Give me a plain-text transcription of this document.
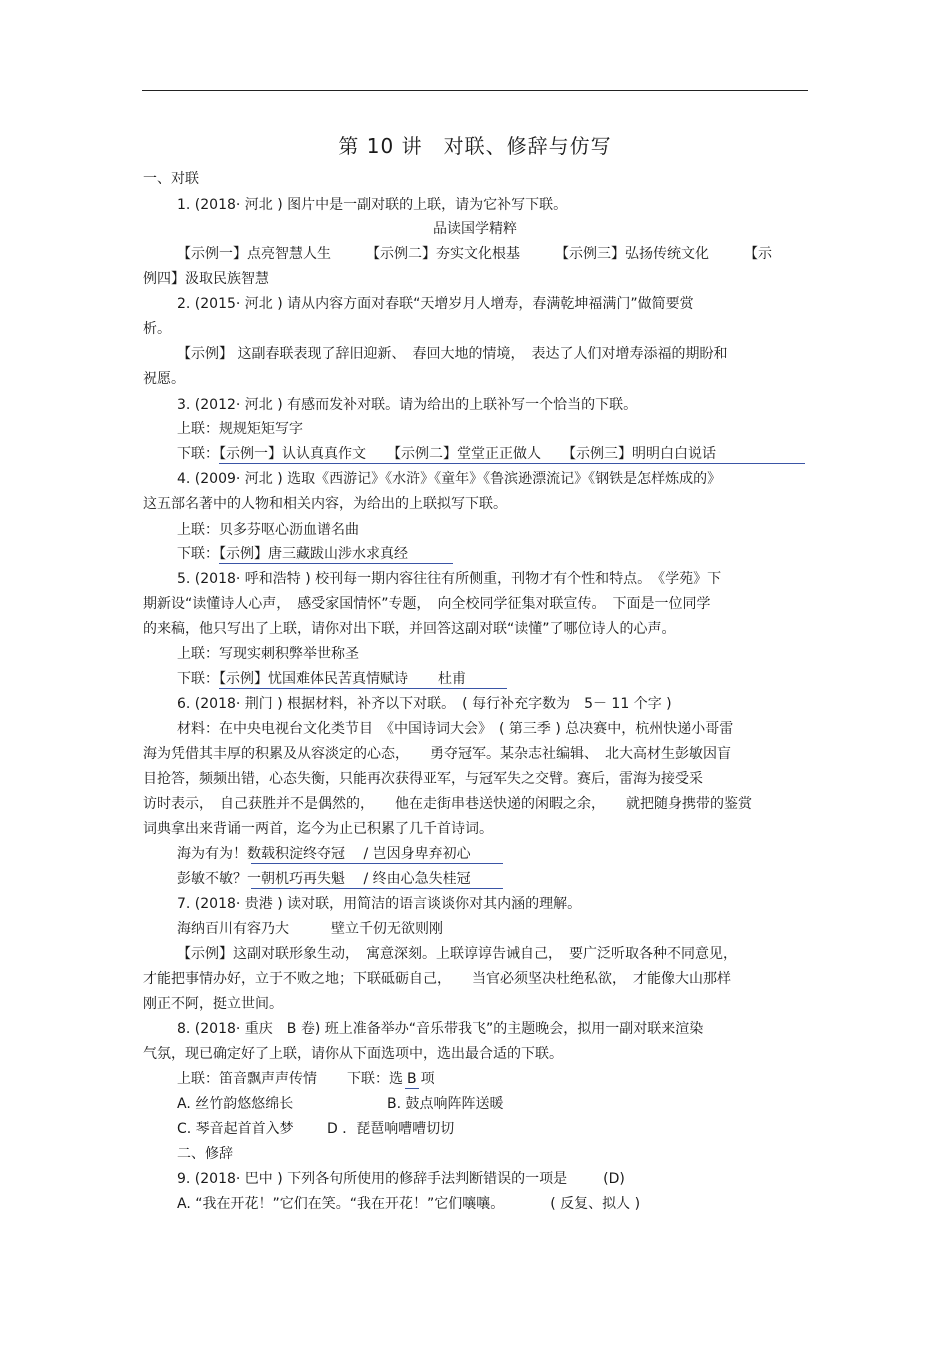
第 10 讲　对联、修辞与仿写
一、对联
1. (2018· 河北 ) 图片中是一副对联的上联，请为它补写下联。
品读国学精粹
【示例一】点亮智慧人生　　　【示例二】夯实文化根基　　　【示例三】弘扬传统文化　　　【示
例四】汲取民族智慧
2. (2015· 河北 ) 请从内容方面对春联“天增岁月人增寿，春满乾坤福满门”做简要赏
析。
【示例】 这副春联表现了辞旧迎新、　春回大地的情境，　表达了人们对增寿添福的期盼和
祝愿。
3. (2012· 河北 ) 有感而发补对联。请为给出的上联补写一个恰当的下联。
上联：规规矩矩写字
下联：【示例一】认认真真作文　　【示例二】堂堂正正做人　　【示例三】明明白白说话
4. (2009· 河北 ) 选取《西游记》《水浒》《童年》《鲁滨逊漂流记》《钢铁是怎样炼成的》
这五部名著中的人物和相关内容，为给出的上联拟写下联。
上联：贝多芬呕心沥血谱名曲
下联：【示例】唐三藏跋山涉水求真经
5. (2018· 呼和浩特 ) 校刊每一期内容往往有所侧重，刊物才有个性和特点。　《学苑》下
期新设“读懂诗人心声，　感受家国情怀”专题，　向全校同学征集对联宣传。　下面是一位同学
的来稿，他只写出了上联，请你对出下联，并回答这副对联“读懂”了哪位诗人的心声。
上联：写现实刺积弊举世称圣
下联：【示例】忧国难体民苦真情赋诗 杜甫
6. (2018· 荆门 ) 根据材料，补齐以下对联。　( 每行补充字数为　5－ 11 个字 )
材料：在中央电视台文化类节目　《中国诗词大会》　( 第三季 ) 总决赛中，杭州快递小哥雷
海为凭借其丰厚的积累及从容淡定的心态，　　勇夺冠军。某杂志社编辑、　北大高材生彭敏因盲
目抢答，频频出错，心态失衡，只能再次获得亚军，与冠军失之交臂。赛后，雷海为接受采
访时表示，　自己获胜并不是偶然的，　　他在走街串巷送快递的闲暇之余，　　就把随身携带的鉴赏
词典拿出来背诵一两首，迄今为止已积累了几千首诗词。
海为有为！数载积淀终夺冠　 / 岂因身卑弃初心
彭敏不敏？一朝机巧再失魁　 / 终由心急失桂冠
7. (2018· 贵港 ) 读对联，用简洁的语言谈谈你对其内涵的理解。
海纳百川有容乃大　　　壁立千仞无欲则刚
【示例】这副对联形象生动，　寓意深刻。上联谆谆告诫自己，　要广泛听取各种不同意见，
才能把事情办好，立于不败之地；下联砥砺自己，　　当官必须坚决杜绝私欲，　才能像大山那样
刚正不阿，挺立世间。
8. (2018· 重庆　B 卷) 班上准备举办“音乐带我飞”的主题晚会，拟用一副对联来渲染
气氛，现已确定好了上联，请你从下面选项中，选出最合适的下联。
上联：笛音飘声声传情 下联：选 B 项
A. 丝竹韵悠悠绵长	B. 鼓点响阵阵送暖
C. 琴音起首首入梦 D ．琵琶响嘈嘈切切
二、修辞
9. (2018· 巴中 ) 下列各句所使用的修辞手法判断错误的一项是	(D)
A. “我在开花！”它们在笑。“我在开花！”它们嚷嚷。	( 反复、拟人 )
